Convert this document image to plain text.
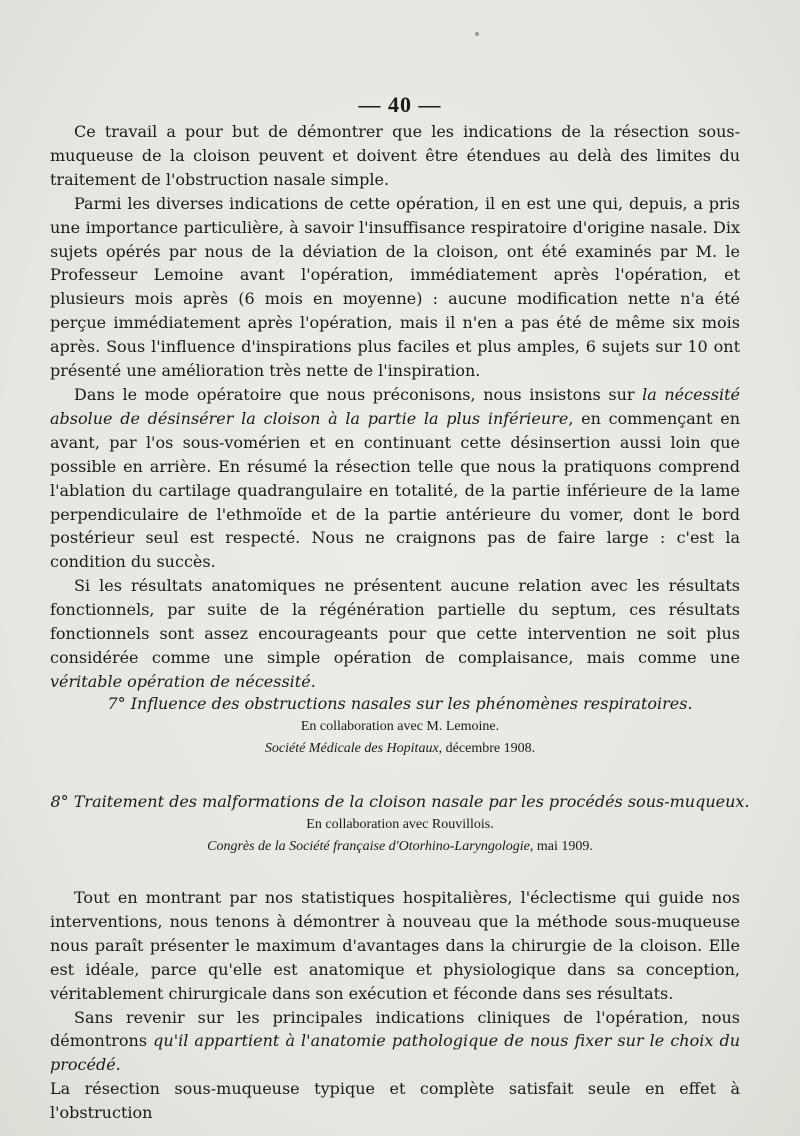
— 40 —

Ce travail a pour but de démontrer que les indications de la résection sous-muqueuse de la cloison peuvent et doivent être étendues au delà des limites du traitement de l'obstruction nasale simple.

Parmi les diverses indications de cette opération, il en est une qui, depuis, a pris une importance particulière, à savoir l'insuffisance respiratoire d'origine nasale. Dix sujets opérés par nous de la déviation de la cloison, ont été examinés par M. le Professeur Lemoine avant l'opération, immédiatement après l'opération, et plusieurs mois après (6 mois en moyenne) : aucune modification nette n'a été perçue immédiatement après l'opération, mais il n'en a pas été de même six mois après. Sous l'influence d'inspirations plus faciles et plus amples, 6 sujets sur 10 ont présenté une amélioration très nette de l'inspiration.

Dans le mode opératoire que nous préconisons, nous insistons sur la nécessité absolue de désinsérer la cloison à la partie la plus inférieure, en commençant en avant, par l'os sous-vomérien et en continuant cette désinsertion aussi loin que possible en arrière. En résumé la résection telle que nous la pratiquons comprend l'ablation du cartilage quadrangulaire en totalité, de la partie inférieure de la lame perpendiculaire de l'ethmoïde et de la partie antérieure du vomer, dont le bord postérieur seul est respecté. Nous ne craignons pas de faire large : c'est la condition du succès.

Si les résultats anatomiques ne présentent aucune relation avec les résultats fonctionnels, par suite de la régénération partielle du septum, ces résultats fonctionnels sont assez encourageants pour que cette intervention ne soit plus considérée comme une simple opération de complaisance, mais comme une véritable opération de nécessité.

7° Influence des obstructions nasales sur les phénomènes respiratoires.
En collaboration avec M. Lemoine.
Société Médicale des Hopitaux, décembre 1908.
8° Traitement des malformations de la cloison nasale par les procédés sous-muqueux.
En collaboration avec Rouvillois.
Congrès de la Société française d'Otorhino-Laryngologie, mai 1909.

Tout en montrant par nos statistiques hospitalières, l'éclectisme qui guide nos interventions, nous tenons à démontrer à nouveau que la méthode sous-muqueuse nous paraît présenter le maximum d'avantages dans la chirurgie de la cloison. Elle est idéale, parce qu'elle est anatomique et physiologique dans sa conception, véritablement chirurgicale dans son exécution et féconde dans ses résultats.

Sans revenir sur les principales indications cliniques de l'opération, nous démontrons qu'il appartient à l'anatomie pathologique de nous fixer sur le choix du procédé.

La résection sous-muqueuse typique et complète satisfait seule en effet à l'obstruction
